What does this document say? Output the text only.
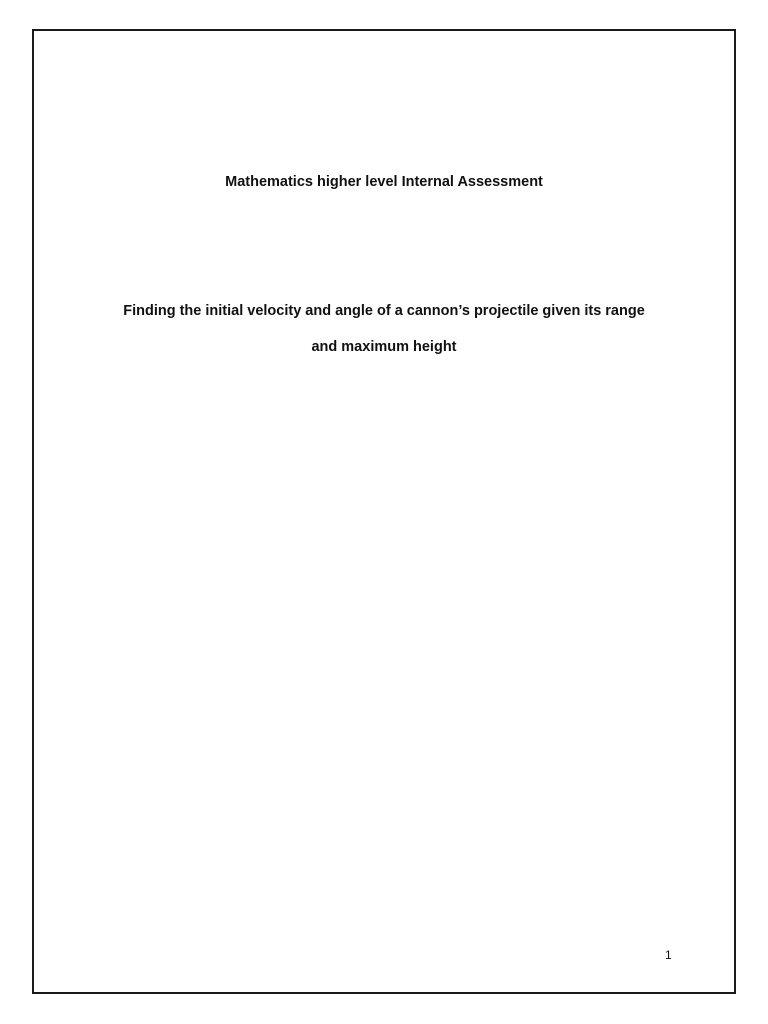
Mathematics higher level Internal Assessment
Finding the initial velocity and angle of a cannon’s projectile given its range
and maximum height
1
